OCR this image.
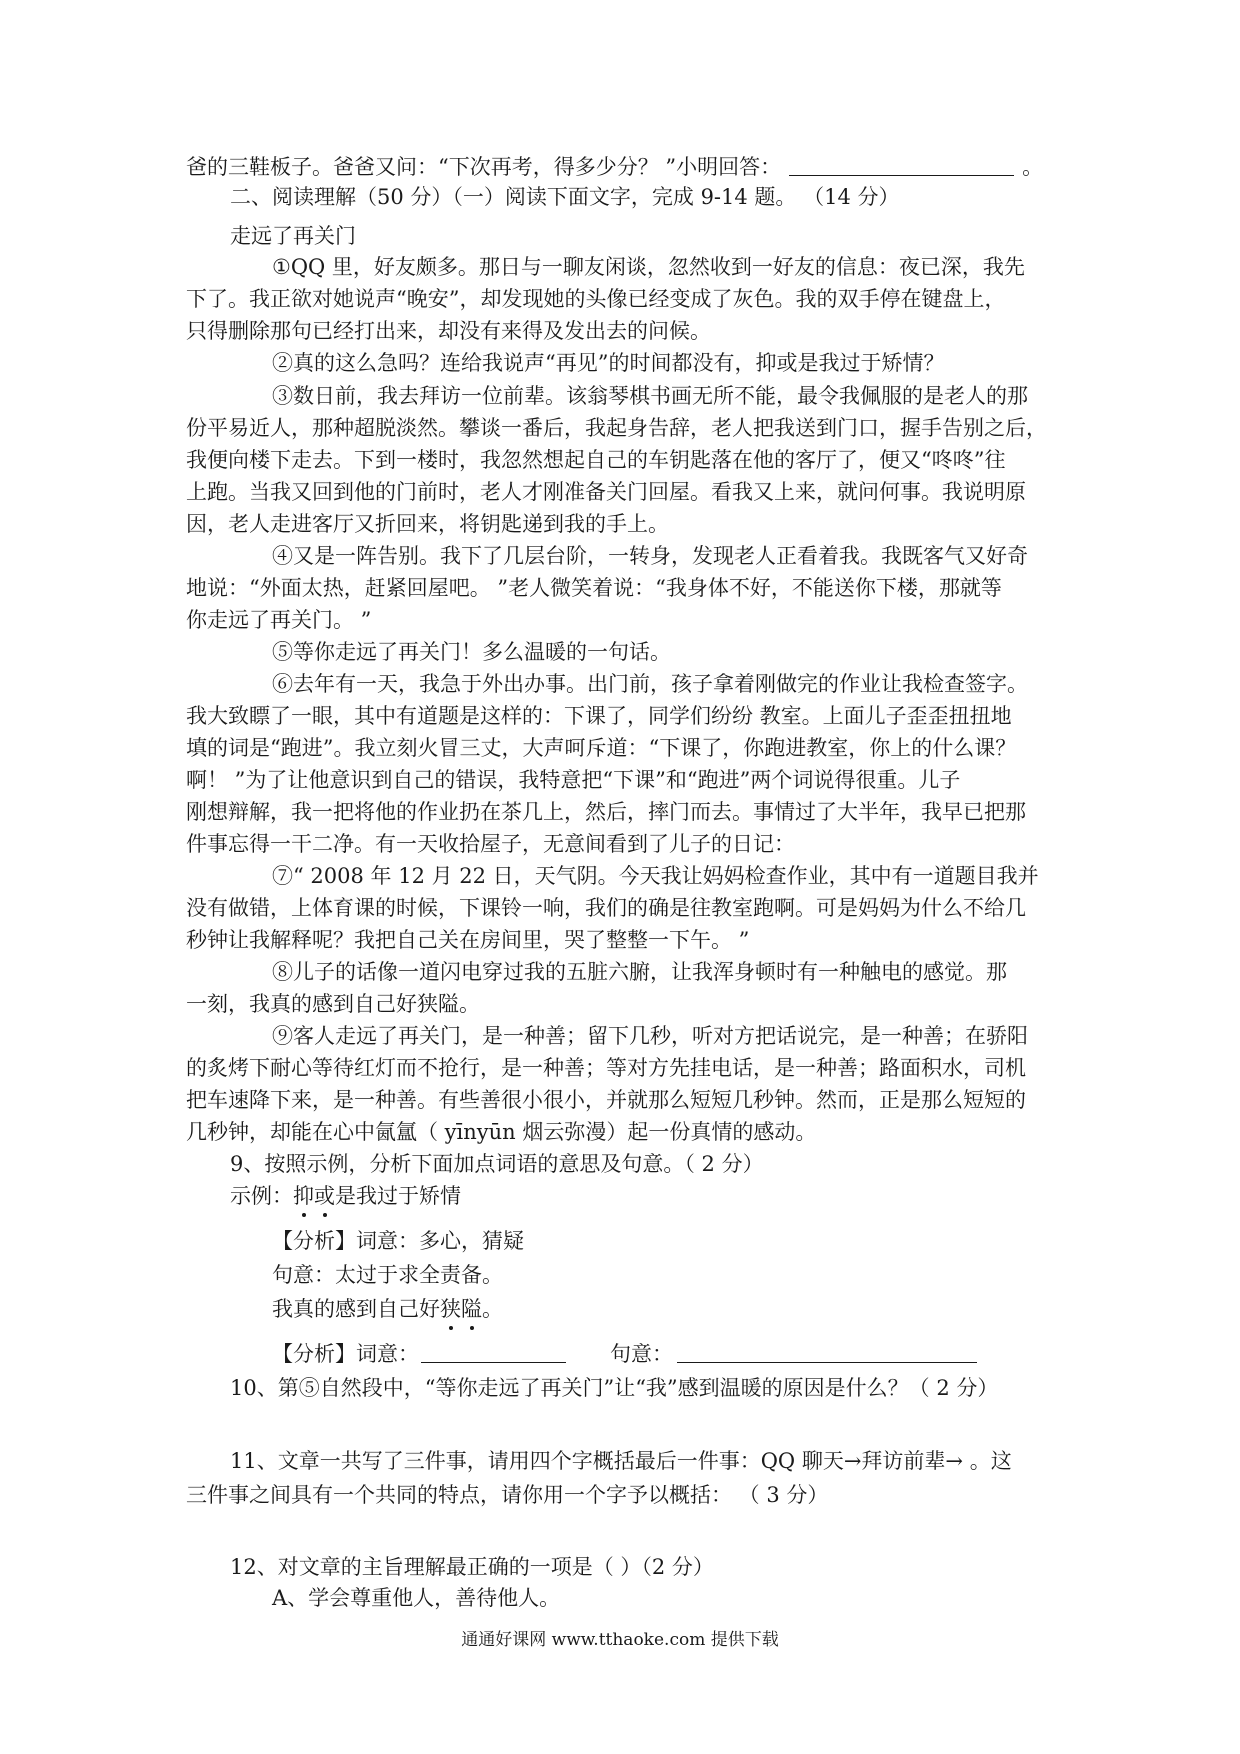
爸的三鞋板子。爸爸又问：“下次再考，得多少分？ ”小明回答：	。
二、阅读理解（50 分）（一）阅读下面文字，完成 9-14 题。 （14 分）
走远了再关门
①QQ 里，好友颇多。那日与一聊友闲谈，忽然收到一好友的信息：夜已深，我先
下了。我正欲对她说声“晚安”，却发现她的头像已经变成了灰色。我的双手停在键盘上，
只得删除那句已经打出来，却没有来得及发出去的问候。
②真的这么急吗？连给我说声“再见”的时间都没有，抑或是我过于矫情？
③数日前，我去拜访一位前辈。该翁琴棋书画无所不能，最令我佩服的是老人的那
份平易近人，那种超脱淡然。攀谈一番后，我起身告辞，老人把我送到门口，握手告别之后，
我便向楼下走去。下到一楼时，我忽然想起自己的车钥匙落在他的客厅了，便又“咚咚”往
上跑。当我又回到他的门前时，老人才刚准备关门回屋。看我又上来，就问何事。我说明原
因，老人走进客厅又折回来，将钥匙递到我的手上。
④又是一阵告别。我下了几层台阶，一转身，发现老人正看着我。我既客气又好奇
地说：“外面太热，赶紧回屋吧。 ”老人微笑着说：“我身体不好，不能送你下楼，那就等
你走远了再关门。 ”
⑤等你走远了再关门！多么温暖的一句话。
⑥去年有一天，我急于外出办事。出门前，孩子拿着刚做完的作业让我检查签字。
我大致瞟了一眼，其中有道题是这样的：下课了，同学们纷纷 教室。上面儿子歪歪扭扭地
填的词是“跑进”。我立刻火冒三丈，大声呵斥道：“下课了，你跑进教室，你上的什么课？
啊！ ”为了让他意识到自己的错误，我特意把“下课”和“跑进”两个词说得很重。儿子
刚想辩解，我一把将他的作业扔在茶几上，然后，摔门而去。事情过了大半年，我早已把那
件事忘得一干二净。有一天收拾屋子，无意间看到了儿子的日记：
⑦“ 2008 年 12 月 22 日，天气阴。今天我让妈妈检查作业，其中有一道题目我并
没有做错，上体育课的时候，下课铃一响，我们的确是往教室跑啊。可是妈妈为什么不给几
秒钟让我解释呢？我把自己关在房间里，哭了整整一下午。 ”
⑧儿子的话像一道闪电穿过我的五脏六腑，让我浑身顿时有一种触电的感觉。那
一刻，我真的感到自己好狭隘。
⑨客人走远了再关门，是一种善；留下几秒，听对方把话说完，是一种善；在骄阳
的炙烤下耐心等待红灯而不抢行，是一种善；等对方先挂电话，是一种善；路面积水，司机
把车速降下来，是一种善。有些善很小很小，并就那么短短几秒钟。然而，正是那么短短的
几秒钟，却能在心中氤氲（ yīnyūn 烟云弥漫）起一份真情的感动。
9、按照示例，分析下面加点词语的意思及句意。（ 2 分）
示例：抑或是我过于矫情
【分析】词意：多心，猜疑
句意：太过于求全责备。
我真的感到自己好狭隘。
【分析】词意：	句意：
10、第⑤自然段中，“等你走远了再关门”让“我”感到温暖的原因是什么？（ 2 分）
11、文章一共写了三件事，请用四个字概括最后一件事：QQ 聊天→拜访前辈→ 。这
三件事之间具有一个共同的特点，请你用一个字予以概括： （ 3 分）
12、对文章的主旨理解最正确的一项是（ ）（2 分）
A、学会尊重他人，善待他人。
通通好课网 www.tthaoke.com 提供下载
